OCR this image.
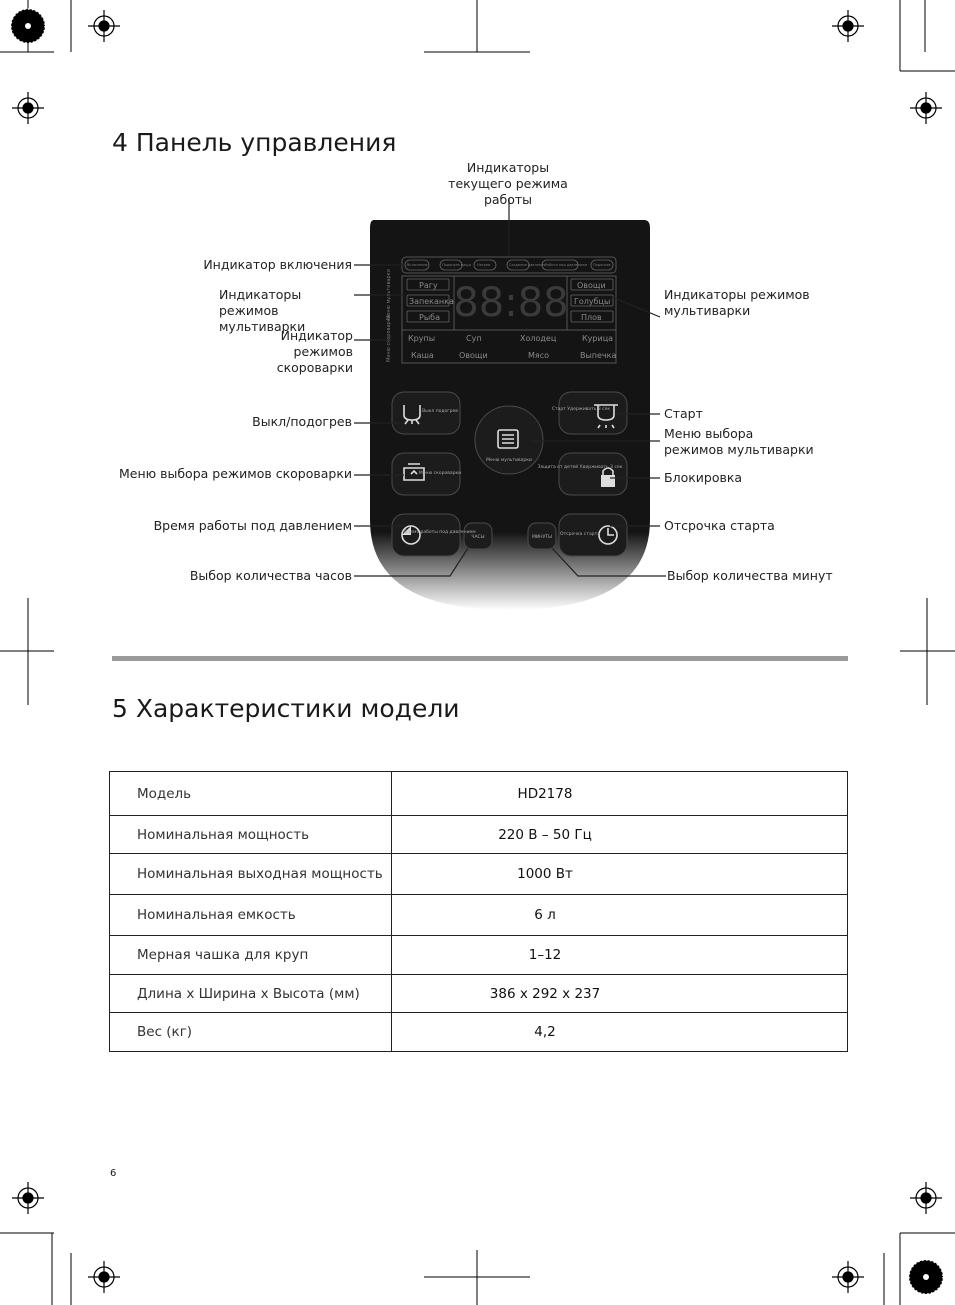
4 Панель управления
Включение	Подогрев пищи Нагрев	Создание давления Работа под давлением Подогрев
Рагу
Запеканка
Рыба
Овощи
Голубцы
Плов
88:88
Меню мультиварки
Меню скороварки Крупы	Суп	Холодец	Курица
Каша	Овощи	Мясо	Выпечка
Выкл подогрев	Старт Удерживать 3 сек
Меню скороварки
Защита от детей Удерживать 3 сек
Время работы под давлением	Отсрочка старта
Меню мультиварки
ЧАСЫ	МИНУТЫ
Индикаторы текущего режима работы
Индикатор включения
Индикаторы режимов мультиварки
Индикатор режимов скороварки
Выкл/подогрев
Меню выбора режимов скороварки
Время работы под давлением
Выбор количества часов
Индикаторы режимов мультиварки
Старт
Меню выбора режимов мультиварки
Блокировка
Отсрочка старта
Выбор количества минут
5 Характеристики модели
Модель	HD2178
Номинальная мощность	220 В – 50 Гц
Номинальная выходная мощность	1000 Вт
Номинальная емкость	6 л
Мерная чашка для круп	1–12
Длина x Ширина x Высота (мм)	386 x 292 x 237
Вес (кг)	4,2
6
